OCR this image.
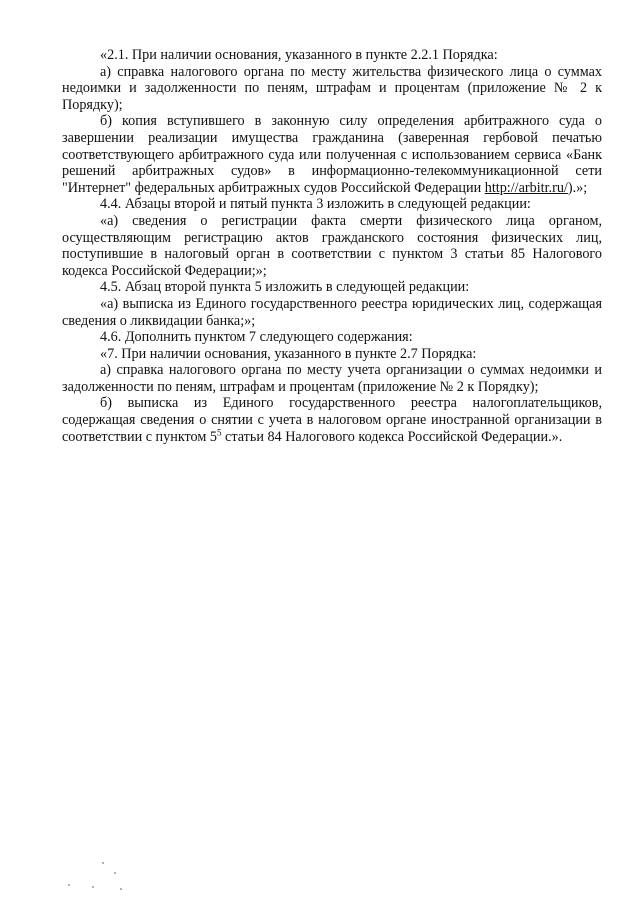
«2.1. При наличии основания, указанного в пункте 2.2.1 Порядка:

а) справка налогового органа по месту жительства физического лица о суммах недоимки и задолженности по пеням, штрафам и процентам (приложение № 2 к Порядку);

б) копия вступившего в законную силу определения арбитражного суда о завершении реализации имущества гражданина (заверенная гербовой печатью соответствующего арбитражного суда или полученная с использованием сервиса «Банк решений арбитражных судов» в информационно-телекоммуникационной сети "Интернет" федеральных арбитражных судов Российской Федерации http://arbitr.ru/).»;

4.4. Абзацы второй и пятый пункта 3 изложить в следующей редакции:

«а) сведения о регистрации факта смерти физического лица органом, осуществляющим регистрацию актов гражданского состояния физических лиц, поступившие в налоговый орган в соответствии с пунктом 3 статьи 85 Налогового кодекса Российской Федерации;»;

4.5. Абзац второй пункта 5 изложить в следующей редакции:

«а) выписка из Единого государственного реестра юридических лиц, содержащая сведения о ликвидации банка;»;

4.6. Дополнить пунктом 7 следующего содержания:

«7. При наличии основания, указанного в пункте 2.7 Порядка:

а) справка налогового органа по месту учета организации о суммах недоимки и задолженности по пеням, штрафам и процентам (приложение № 2 к Порядку);

б) выписка из Единого государственного реестра налогоплательщиков, содержащая сведения о снятии с учета в налоговом органе иностранной организации в соответствии с пунктом $5^5$ статьи 84 Налогового кодекса Российской Федерации.».
